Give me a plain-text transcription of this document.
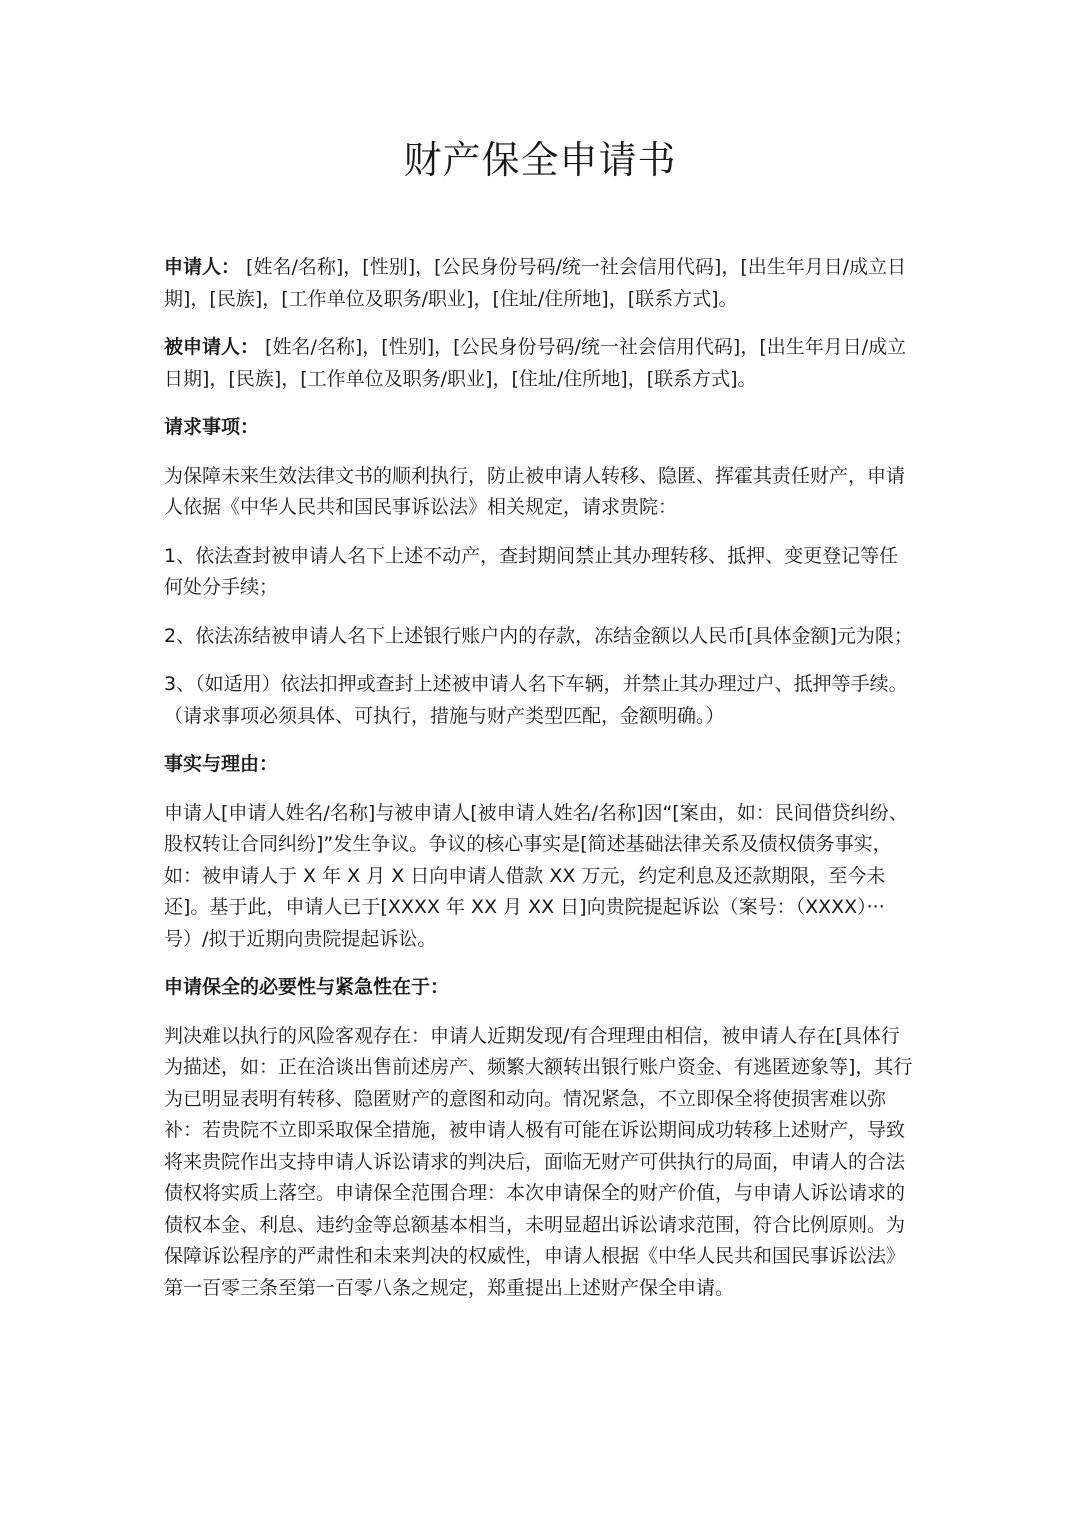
财产保全申请书

申请人： [姓名/名称]，[性别]，[公民身份号码/统一社会信用代码]，[出生年月日/成立日期]，[民族]，[工作单位及职务/职业]，[住址/住所地]，[联系方式]。

被申请人： [姓名/名称]，[性别]，[公民身份号码/统一社会信用代码]，[出生年月日/成立日期]，[民族]，[工作单位及职务/职业]，[住址/住所地]，[联系方式]。

请求事项：

为保障未来生效法律文书的顺利执行，防止被申请人转移、隐匿、挥霍其责任财产，申请人依据《中华人民共和国民事诉讼法》相关规定，请求贵院：

1、依法查封被申请人名下上述不动产，查封期间禁止其办理转移、抵押、变更登记等任何处分手续；

2、依法冻结被申请人名下上述银行账户内的存款，冻结金额以人民币[具体金额]元为限；

3、（如适用）依法扣押或查封上述被申请人名下车辆，并禁止其办理过户、抵押等手续。（请求事项必须具体、可执行，措施与财产类型匹配，金额明确。）

事实与理由：

申请人[申请人姓名/名称]与被申请人[被申请人姓名/名称]因“[案由，如：民间借贷纠纷、股权转让合同纠纷]”发生争议。争议的核心事实是[简述基础法律关系及债权债务事实，如：被申请人于 X 年 X 月 X 日向申请人借款 XX 万元，约定利息及还款期限，至今未还]。基于此，申请人已于[XXXX 年 XX 月 XX 日]向贵院提起诉讼（案号：（XXXX）···号）/拟于近期向贵院提起诉讼。

申请保全的必要性与紧急性在于：

判决难以执行的风险客观存在：申请人近期发现/有合理理由相信，被申请人存在[具体行为描述，如：正在洽谈出售前述房产、频繁大额转出银行账户资金、有逃匿迹象等]，其行为已明显表明有转移、隐匿财产的意图和动向。情况紧急，不立即保全将使损害难以弥补：若贵院不立即采取保全措施，被申请人极有可能在诉讼期间成功转移上述财产，导致将来贵院作出支持申请人诉讼请求的判决后，面临无财产可供执行的局面，申请人的合法债权将实质上落空。申请保全范围合理：本次申请保全的财产价值，与申请人诉讼请求的债权本金、利息、违约金等总额基本相当，未明显超出诉讼请求范围，符合比例原则。为保障诉讼程序的严肃性和未来判决的权威性，申请人根据《中华人民共和国民事诉讼法》第一百零三条至第一百零八条之规定，郑重提出上述财产保全申请。
